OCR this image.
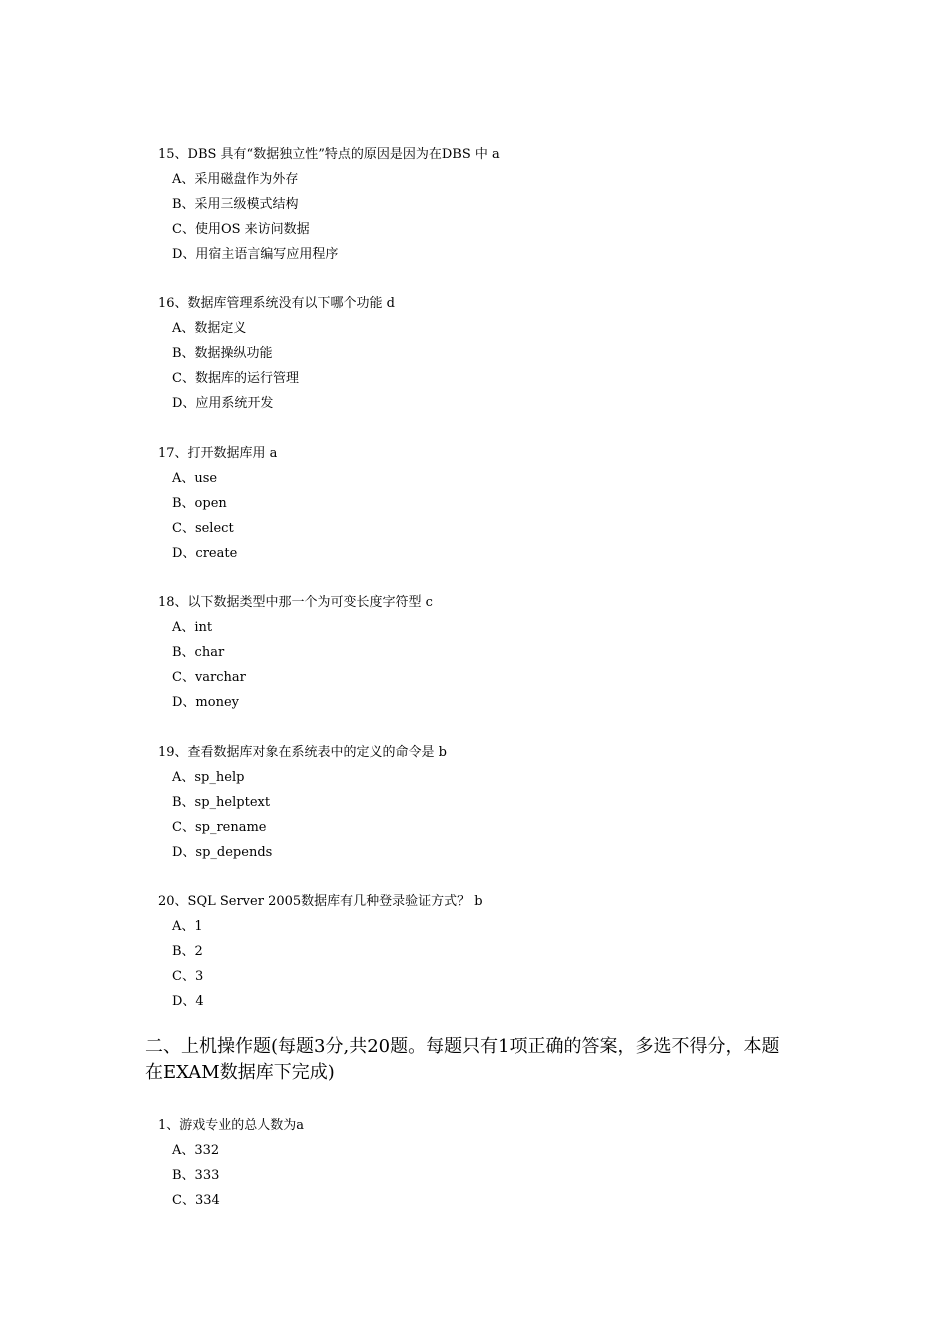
15、DBS 具有“数据独立性”特点的原因是因为在DBS 中 a
A、采用磁盘作为外存
B、采用三级模式结构
C、使用OS 来访问数据
D、用宿主语言编写应用程序
16、数据库管理系统没有以下哪个功能 d
A、数据定义
B、数据操纵功能
C、数据库的运行管理
D、应用系统开发
17、打开数据库用 a
A、use
B、open
C、select
D、create
18、以下数据类型中那一个为可变长度字符型 c
A、int
B、char
C、varchar
D、money
19、查看数据库对象在系统表中的定义的命令是 b
A、sp_help
B、sp_helptext
C、sp_rename
D、sp_depends
20、SQL Server 2005数据库有几种登录验证方式？ b
A、1
B、2
C、3
D、4
二、上机操作题(每题3分,共20题。每题只有1项正确的答案，多选不得分，本题
在EXAM数据库下完成)
1、游戏专业的总人数为a
A、332
B、333
C、334
